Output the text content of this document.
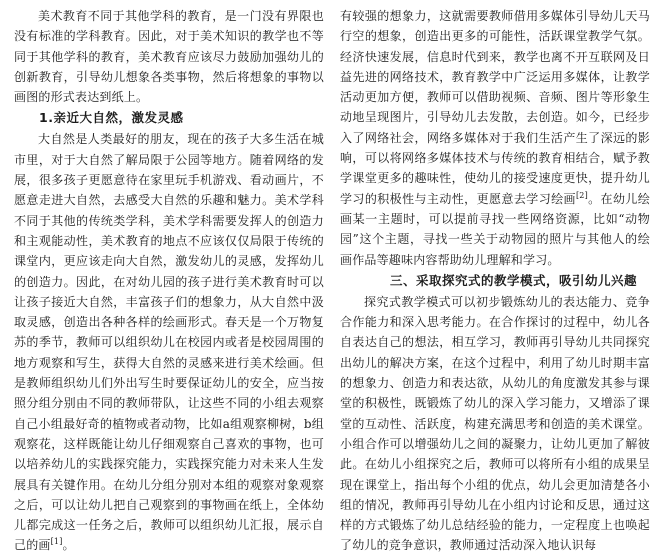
美术教育不同于其他学科的教育，是一门没有界限也没有标准的学科教育。因此，对于美术知识的教学也不等同于其他学科的教育，美术教育应该尽力鼓励加强幼儿的创新教育，引导幼儿想象各类事物，然后将想象的事物以画图的形式表达到纸上。

1.亲近大自然，激发灵感

大自然是人类最好的朋友，现在的孩子大多生活在城市里，对于大自然了解局限于公园等地方。随着网络的发展，很多孩子更愿意待在家里玩手机游戏、看动画片，不愿意走进大自然，去感受大自然的乐趣和魅力。美术学科不同于其他的传统类学科，美术学科需要发挥人的创造力和主观能动性，美术教育的地点不应该仅仅局限于传统的课堂内，更应该走向大自然，激发幼儿的灵感，发挥幼儿的创造力。因此，在对幼儿园的孩子进行美术教育时可以让孩子接近大自然，丰富孩子们的想象力，从大自然中汲取灵感，创造出各种各样的绘画形式。春天是一个万物复苏的季节，教师可以组织幼儿在校园内或者是校园周围的地方观察和写生，获得大自然的灵感来进行美术绘画。但是教师组织幼儿们外出写生时要保证幼儿的安全，应当按照分组分别由不同的教师带队，让这些不同的小组去观察自己小组最好奇的植物或者动物，比如a组观察柳树，b组观察花，这样既能让幼儿仔细观察自己喜欢的事物，也可以培养幼儿的实践探究能力，实践探究能力对未来人生发展具有关键作用。在幼儿分组分别对本组的观察对象观察之后，可以让幼儿把自己观察到的事物画在纸上，全体幼儿都完成这一任务之后，教师可以组织幼儿汇报，展示自己的画[1]。

有较强的想象力，这就需要教师借用多媒体引导幼儿天马行空的想象，创造出更多的可能性，活跃课堂教学气氛。经济快速发展，信息时代到来，教学也离不开互联网及日益先进的网络技术，教育教学中广泛运用多媒体，让教学活动更加方便，教师可以借助视频、音频、图片等形象生动地呈现图片，引导幼儿去发散，去创造。如今，已经步入了网络社会，网络多媒体对于我们生活产生了深远的影响，可以将网络多媒体技术与传统的教育相结合，赋予教学课堂更多的趣味性，使幼儿的接受速度更快，提升幼儿学习的积极性与主动性，更愿意去学习绘画[2]。在幼儿绘画某一主题时，可以提前寻找一些网络资源，比如“动物园”这个主题，寻找一些关于动物园的照片与其他人的绘画作品等趣味内容帮助幼儿理解和学习。

三、采取探究式的教学模式，吸引幼儿兴趣

探究式教学模式可以初步锻炼幼儿的表达能力、竞争合作能力和深入思考能力。在合作探讨的过程中，幼儿各自表达自己的想法，相互学习，教师再引导幼儿共同探究出幼儿的解决方案，在这个过程中，利用了幼儿时期丰富的想象力、创造力和表达欲，从幼儿的角度激发其参与课堂的积极性，既锻炼了幼儿的深入学习能力，又增添了课堂的互动性、活跃度，构建充满思考和创造的美术课堂。小组合作可以增强幼儿之间的凝聚力，让幼儿更加了解彼此。在幼儿小组探究之后，教师可以将所有小组的成果呈现在课堂上，指出每个小组的优点，幼儿会更加清楚各小组的情况，教师再引导幼儿在小组内讨论和反思，通过这样的方式锻炼了幼儿总结经验的能力，一定程度上也唤起了幼儿的竞争意识，教师通过活动深入地认识每
